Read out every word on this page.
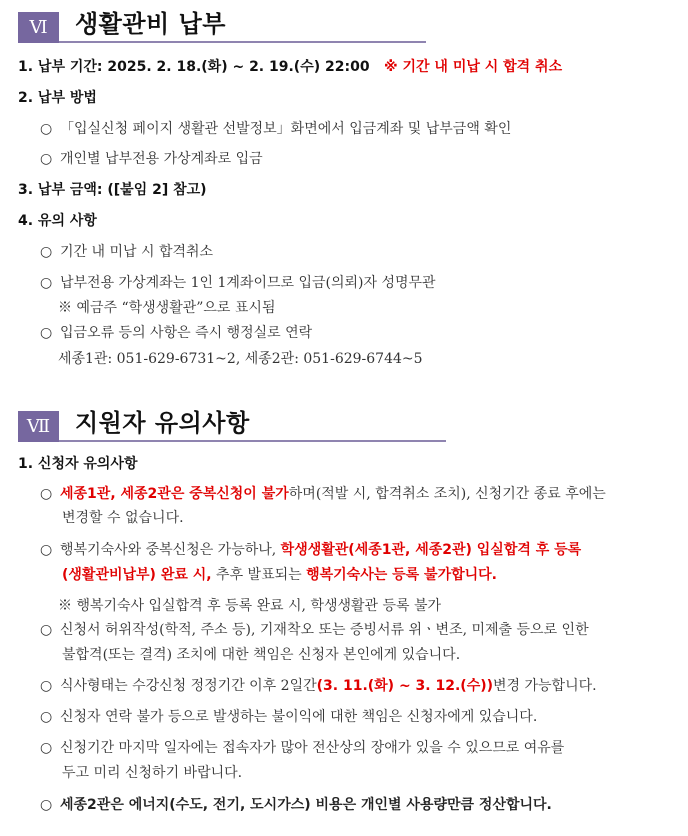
Ⅵ	생활관비 납부
1. 납부 기간: 2025. 2. 18.(화) ~ 2. 19.(수) 22:00 ※ 기간 내 미납 시 합격 취소
2. 납부 방법
○ 「입실신청 페이지 생활관 선발정보」화면에서 입금계좌 및 납부금액 확인
○ 개인별 납부전용 가상계좌로 입금
3. 납부 금액: ([붙임 2] 참고)
4. 유의 사항
○ 기간 내 미납 시 합격취소
○ 납부전용 가상계좌는 1인 1계좌이므로 입금(의뢰)자 성명무관
※ 예금주 “학생생활관”으로 표시됨
○ 입금오류 등의 사항은 즉시 행정실로 연락
세종1관: 051-629-6731~2, 세종2관: 051-629-6744~5
Ⅶ	지원자 유의사항
1. 신청자 유의사항
○ 세종1관, 세종2관은 중복신청이 불가하며(적발 시, 합격취소 조치), 신청기간 종료 후에는
변경할 수 없습니다.
○ 행복기숙사와 중복신청은 가능하나, 학생생활관(세종1관, 세종2관) 입실합격 후 등록
(생활관비납부) 완료 시, 추후 발표되는 행복기숙사는 등록 불가합니다.
※ 행복기숙사 입실합격 후 등록 완료 시, 학생생활관 등록 불가
○ 신청서 허위작성(학적, 주소 등), 기재착오 또는 증빙서류 위ㆍ변조, 미제출 등으로 인한
불합격(또는 결격) 조치에 대한 책임은 신청자 본인에게 있습니다.
○ 식사형태는 수강신청 정정기간 이후 2일간(3. 11.(화) ~ 3. 12.(수))변경 가능합니다.
○ 신청자 연락 불가 등으로 발생하는 불이익에 대한 책임은 신청자에게 있습니다.
○ 신청기간 마지막 일자에는 접속자가 많아 전산상의 장애가 있을 수 있으므로 여유를
두고 미리 신청하기 바랍니다.
○ 세종2관은 에너지(수도, 전기, 도시가스) 비용은 개인별 사용량만큼 정산합니다.
